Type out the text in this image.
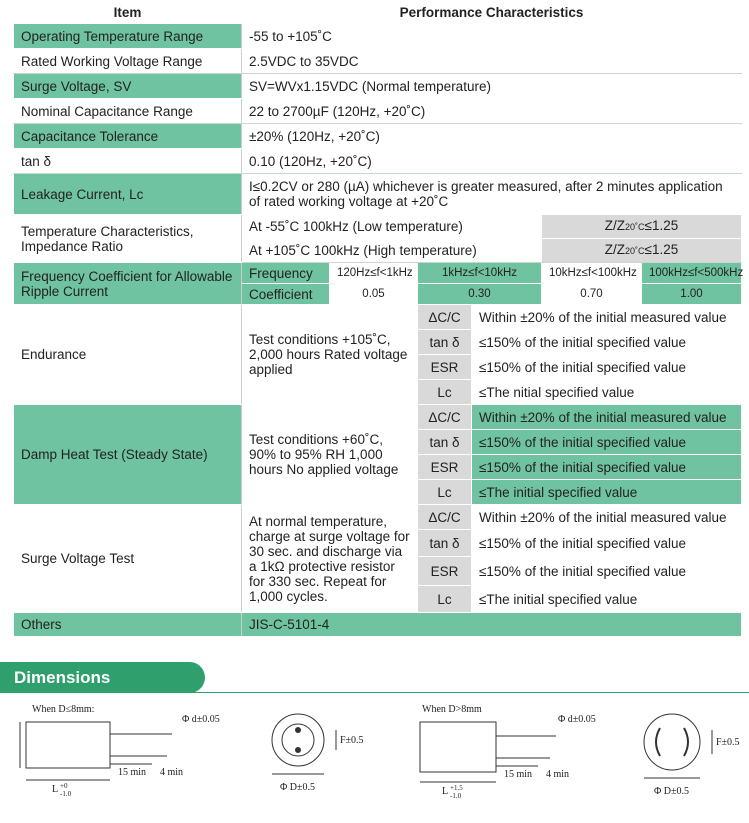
Item	Performance Characteristics					
Operating Temperature Range	-55 to +105˚C					
Rated Working Voltage Range	2.5VDC to 35VDC					
Surge Voltage, SV	SV=WVx1.15VDC (Normal temperature)					
Nominal Capacitance Range	22 to 2700µF (120Hz, +20˚C)					
Capacitance Tolerance	±20% (120Hz, +20˚C)					
tan δ	0.10 (120Hz, +20˚C)					
Leakage Current, Lc	I≤0.2CV or 280 (µA) whichever is greater measured, after 2 minutes application of rated working voltage at +20˚C					
Temperature Characteristics, Impedance Ratio	At -55˚C 100kHz (Low temperature)				Z/Z20˚C≤1.25	
	At +105˚C 100kHz (High temperature)				Z/Z20˚C≤1.25	
Frequency Coefficient for Allowable Ripple Current	Frequency	120Hz≤f<1kHz	1kHz≤f<10kHz		10kHz≤f<100kHz	100kHz≤f<500kHz
	Coefficient	0.05	0.30		0.70	1.00
Endurance	Test conditions +105˚C, 2,000 hours Rated voltage applied		ΔC/C	Within ±20% of the initial measured value		
			tan δ	≤150% of the initial specified value		
			ESR	≤150% of the initial specified value		
			Lc	≤The nitial specified value		
Damp Heat Test (Steady State)	Test conditions +60˚C, 90% to 95% RH 1,000 hours No applied voltage		ΔC/C	Within ±20% of the initial measured value		
			tan δ	≤150% of the initial specified value		
			ESR	≤150% of the initial specified value		
			Lc	≤The initial specified value		
Surge Voltage Test	At normal temperature, charge at surge voltage for 30 sec. and discharge via a 1kΩ protective resistor for 330 sec. Repeat for 1,000 cycles.		ΔC/C	Within ±20% of the initial measured value		
			tan δ	≤150% of the initial specified value		
			ESR	≤150% of the initial specified value		
			Lc	≤The initial specified value		
Others	JIS-C-5101-4					
Dimensions
When D≤8mm:
Φ d±0.05
15 min 4 min
L +0
-1.0
F±0.5
Φ D±0.5
When D>8mm
Φ d±0.05
15 min 4 min
L +1.5
-1.0
F±0.5
Φ D±0.5
